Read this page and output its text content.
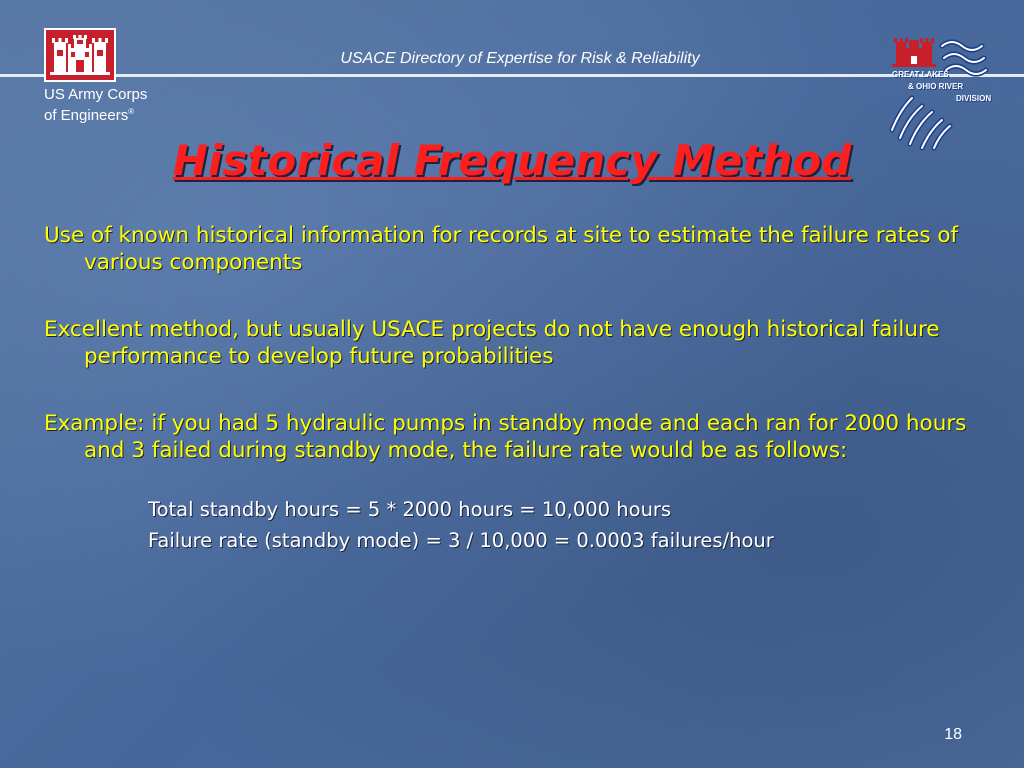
USACE Directory of Expertise for Risk & Reliability
US Army Corps
of Engineers®
GREAT LAKES
& OHIO RIVER
DIVISION
Historical Frequency Method
Use of known historical information for records at site to estimate the failure rates of various components
Excellent method, but usually USACE projects do not have enough historical failure performance to develop future probabilities
Example: if you had 5 hydraulic pumps in standby mode and each ran for 2000 hours and 3 failed during standby mode, the failure rate would be as follows:
Total standby hours = 5 * 2000 hours = 10,000 hours
Failure rate (standby mode) = 3 / 10,000 = 0.0003 failures/hour
18
